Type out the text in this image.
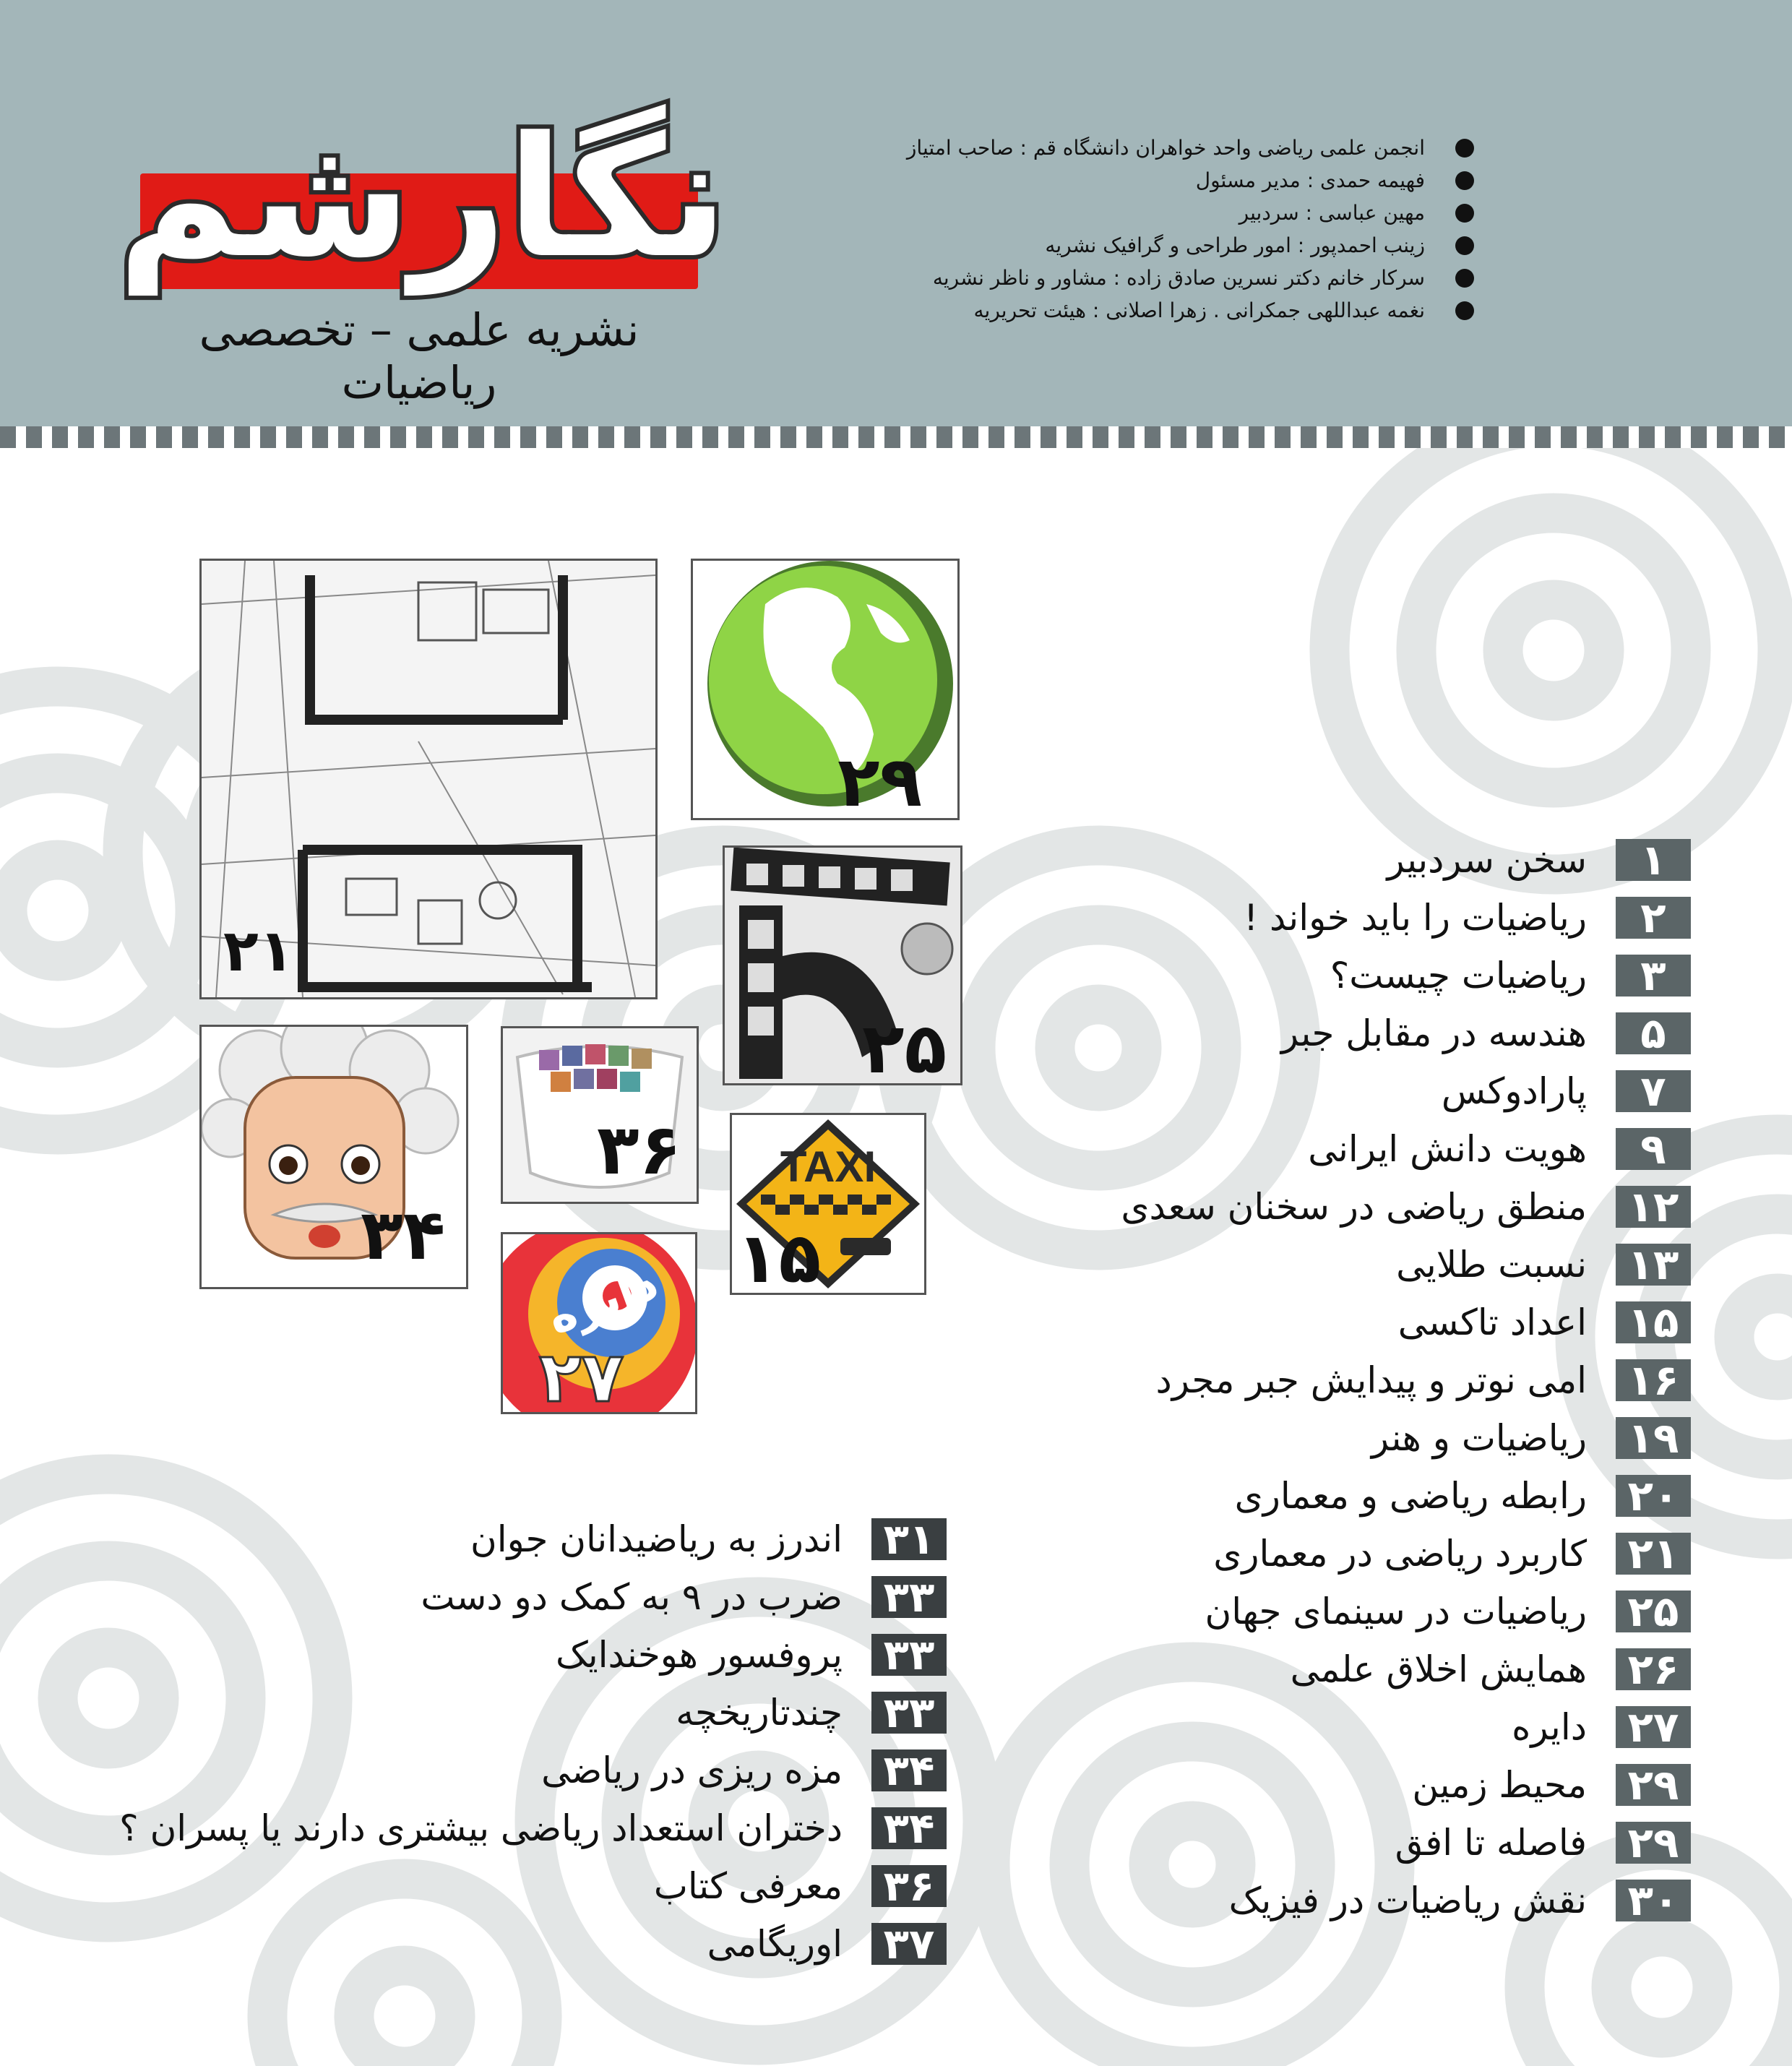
نگارشم
نشریه علمی – تخصصی ریاضیات
انجمن علمی ریاضی واحد خواهران دانشگاه قم : صاحب امتیاز
فهیمه حمدی : مدیر مسئول
مهین عباسی : سردبیر
زینب احمدپور : امور طراحی و گرافیک نشریه
سرکار خانم دکتر نسرین صادق زاده : مشاور و ناظر نشریه
نغمه عبداللهی جمکرانی . زهرا اصلانی : هیئت تحریریه
۲۱
۲۹
۲۵
۳۶
۳۴
TAXI
۱۵
دایره
۲۷
۱
سخن سردبیر
۲
ریاضیات را باید خواند !
۳
ریاضیات چیست؟
۵
هندسه در مقابل جبر
۷
پارادوکس
۹
هویت دانش ایرانی
۱۲
منطق ریاضی در سخنان سعدی
۱۳
نسبت طلایی
۱۵
اعداد تاکسی
۱۶
امی نوتر و پیدایش جبر مجرد
۱۹
ریاضیات و هنر
۲۰
رابطه ریاضی و معماری
۲۱
کاربرد ریاضی در معماری
۲۵
ریاضیات در سینمای جهان
۲۶
همایش اخلاق علمی
۲۷
دایره
۲۹
محیط زمین
۲۹
فاصله تا افق
۳۰
نقش ریاضیات در فیزیک
۳۱
اندرز به ریاضیدانان جوان
۳۳
ضرب در ۹ به کمک دو دست
۳۳
پروفسور هوخندایک
۳۳
چندتاریخچه
۳۴
مزه ریزی در ریاضی
۳۴
دختران استعداد ریاضی بیشتری دارند یا پسران ؟
۳۶
معرفی کتاب
۳۷
اوریگامی
